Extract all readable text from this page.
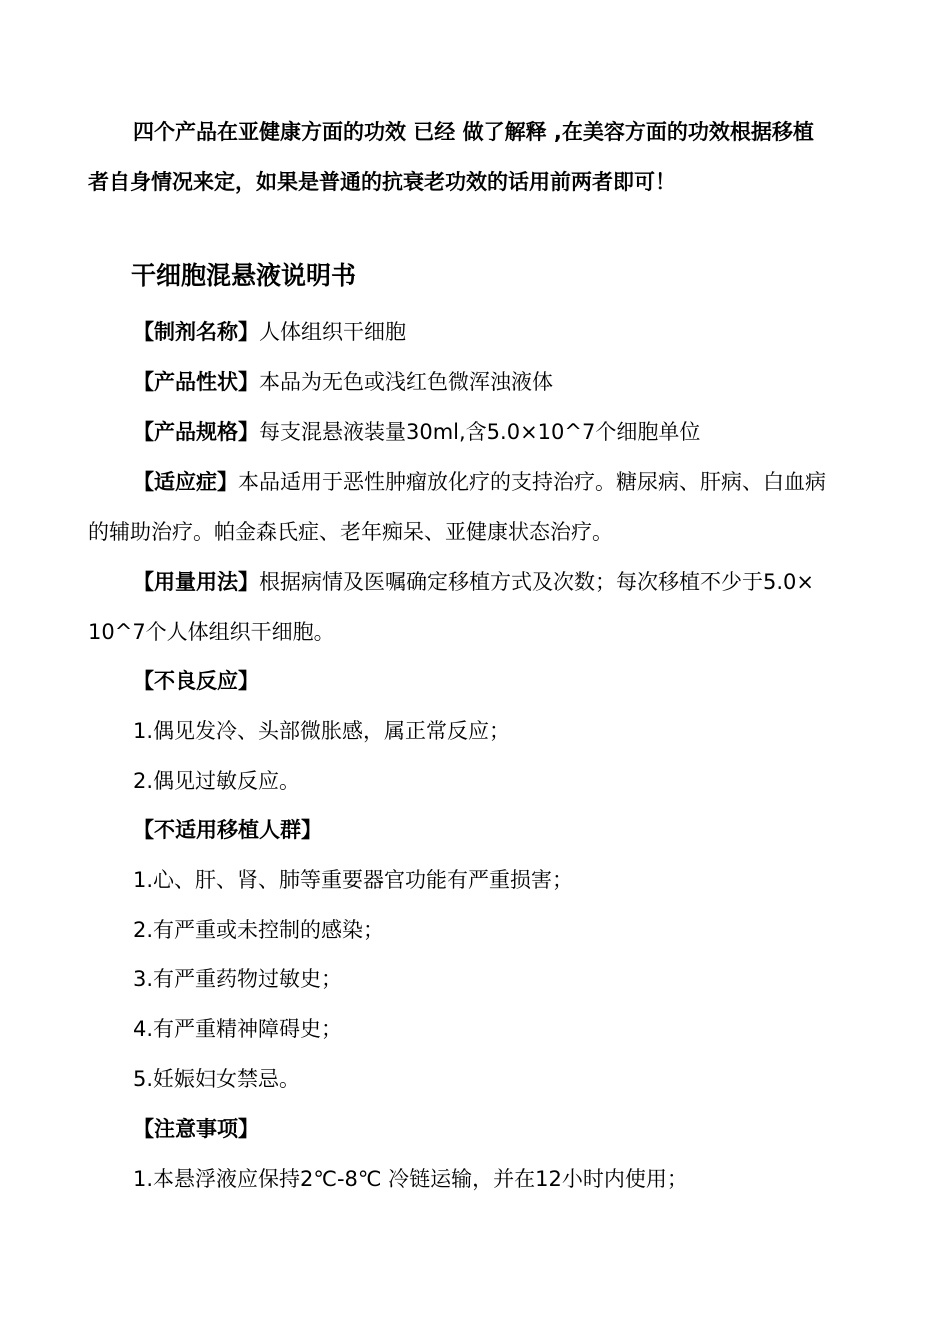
四个产品在亚健康方面的功效 已经 做了解释 ,在美容方面的功效根据移植
者自身情况来定，如果是普通的抗衰老功效的话用前两者即可！
干细胞混悬液说明书
【制剂名称】人体组织干细胞
【产品性状】本品为无色或浅红色微浑浊液体
【产品规格】每支混悬液装量30ml,含5.0×10^7个细胞单位
【适应症】本品适用于恶性肿瘤放化疗的支持治疗。糖尿病、肝病、白血病
的辅助治疗。帕金森氏症、老年痴呆、亚健康状态治疗。
【用量用法】根据病情及医嘱确定移植方式及次数；每次移植不少于5.0×
10^7个人体组织干细胞。
【不良反应】
1.偶见发冷、头部微胀感，属正常反应；
2.偶见过敏反应。
【不适用移植人群】
1.心、肝、肾、肺等重要器官功能有严重损害；
2.有严重或未控制的感染；
3.有严重药物过敏史；
4.有严重精神障碍史；
5.妊娠妇女禁忌。
【注意事项】
1.本悬浮液应保持2℃-8℃ 冷链运输，并在12小时内使用；
